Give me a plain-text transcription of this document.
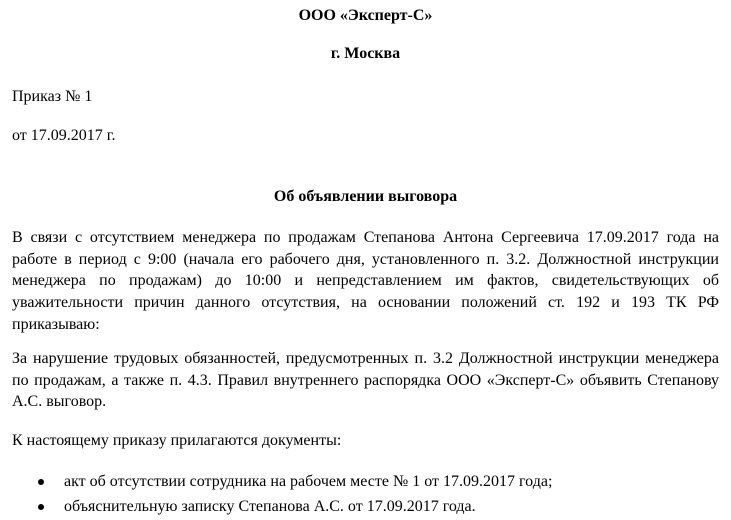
ООО «Эксперт-С»
г. Москва
Приказ № 1
от 17.09.2017 г.
Об объявлении выговора
В связи с отсутствием менеджера по продажам Степанова Антона Сергеевича 17.09.2017 года на работе в период с 9:00 (начала его рабочего дня, установленного п. 3.2. Должностной инструкции менеджера по продажам) до 10:00 и непредставлением им фактов, свидетельствующих об уважительности причин данного отсутствия, на основании положений ст. 192 и 193 ТК РФ приказываю:
За нарушение трудовых обязанностей, предусмотренных п. 3.2 Должностной инструкции менеджера по продажам, а также п. 4.3. Правил внутреннего распорядка ООО «Эксперт-С» объявить Степанову А.С. выговор.
К настоящему приказу прилагаются документы:
акт об отсутствии сотрудника на рабочем месте № 1 от 17.09.2017 года;
объяснительную записку Степанова А.С. от 17.09.2017 года.
